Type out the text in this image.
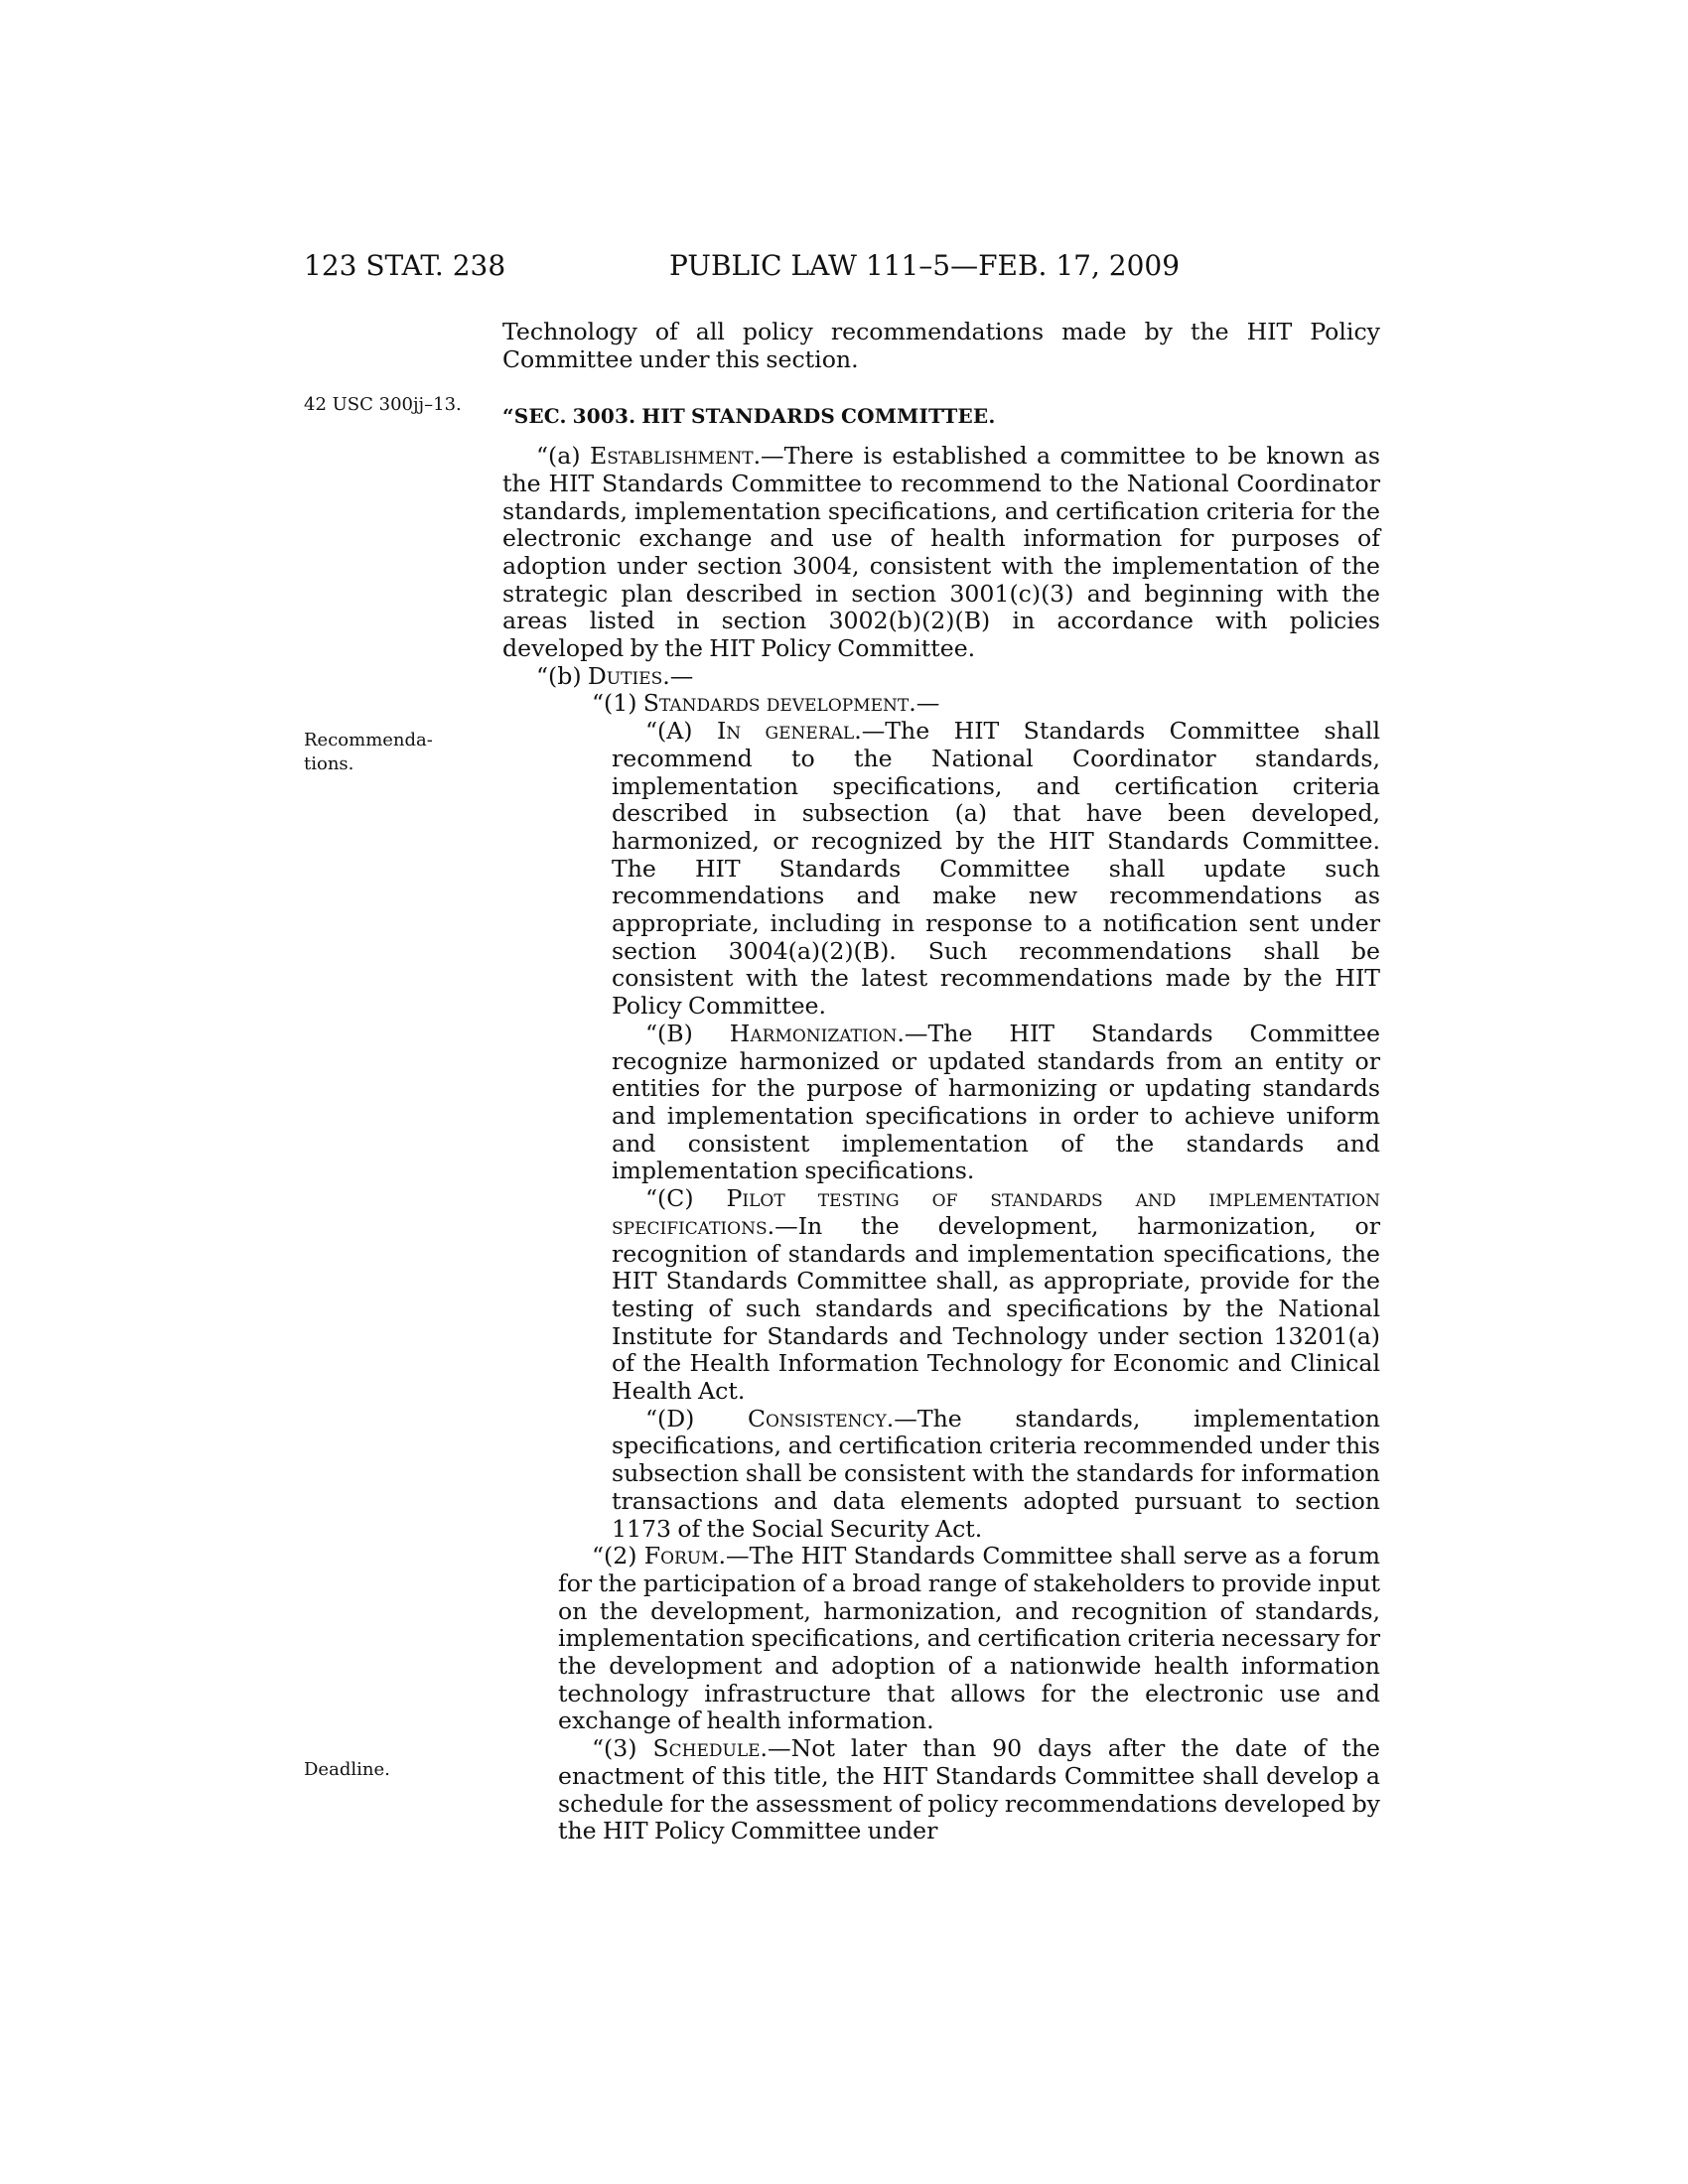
123 STAT. 238	PUBLIC LAW 111–5—FEB. 17, 2009
42 USC 300jj–13.
Recommenda-
tions.
Deadline.

Technology of all policy recommendations made by the HIT Policy Committee under this section.

“SEC. 3003. HIT STANDARDS COMMITTEE.

“(a) Establishment.—There is established a committee to be known as the HIT Standards Committee to recommend to the National Coordinator standards, implementation specifications, and certification criteria for the electronic exchange and use of health information for purposes of adoption under section 3004, consistent with the implementation of the strategic plan described in section 3001(c)(3) and beginning with the areas listed in section 3002(b)(2)(B) in accordance with policies developed by the HIT Policy Committee.

“(b) Duties.—

“(1) Standards development.—

“(A) In general.—The HIT Standards Committee shall recommend to the National Coordinator standards, implementation specifications, and certification criteria described in subsection (a) that have been developed, harmonized, or recognized by the HIT Standards Committee. The HIT Standards Committee shall update such recommendations and make new recommendations as appropriate, including in response to a notification sent under section 3004(a)(2)(B). Such recommendations shall be consistent with the latest recommendations made by the HIT Policy Committee.

“(B) Harmonization.—The HIT Standards Committee recognize harmonized or updated standards from an entity or entities for the purpose of harmonizing or updating standards and implementation specifications in order to achieve uniform and consistent implementation of the standards and implementation specifications.

“(C) Pilot testing of standards and implementation specifications.—In the development, harmonization, or recognition of standards and implementation specifications, the HIT Standards Committee shall, as appropriate, provide for the testing of such standards and specifications by the National Institute for Standards and Technology under section 13201(a) of the Health Information Technology for Economic and Clinical Health Act.

“(D) Consistency.—The standards, implementation specifications, and certification criteria recommended under this subsection shall be consistent with the standards for information transactions and data elements adopted pursuant to section 1173 of the Social Security Act.

“(2) Forum.—The HIT Standards Committee shall serve as a forum for the participation of a broad range of stakeholders to provide input on the development, harmonization, and recognition of standards, implementation specifications, and certification criteria necessary for the development and adoption of a nationwide health information technology infrastructure that allows for the electronic use and exchange of health information.

“(3) Schedule.—Not later than 90 days after the date of the enactment of this title, the HIT Standards Committee shall develop a schedule for the assessment of policy recommendations developed by the HIT Policy Committee under
